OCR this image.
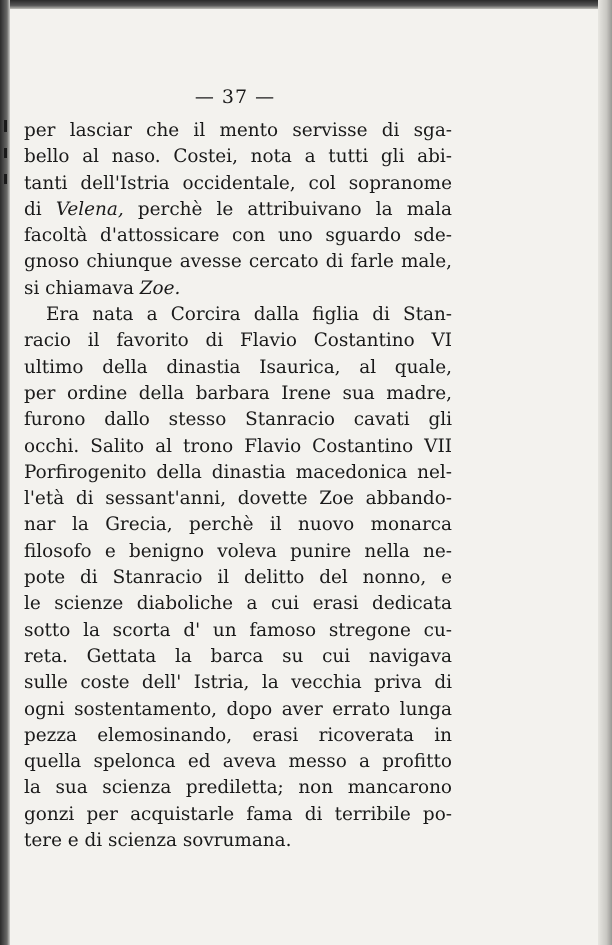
— 37 —
per lasciar che il mento servisse di sga-
bello al naso. Costei, nota a tutti gli abi-
tanti dell'Istria occidentale, col sopranome
di Velena, perchè le attribuivano la mala
facoltà d'attossicare con uno sguardo sde-
gnoso chiunque avesse cercato di farle male,
si chiamava Zoe.
Era nata a Corcira dalla figlia di Stan-
racio il favorito di Flavio Costantino VI
ultimo della dinastia Isaurica, al quale,
per ordine della barbara Irene sua madre,
furono dallo stesso Stanracio cavati gli
occhi. Salito al trono Flavio Costantino VII
Porfirogenito della dinastia macedonica nel-
l'età di sessant'anni, dovette Zoe abbando-
nar la Grecia, perchè il nuovo monarca
filosofo e benigno voleva punire nella ne-
pote di Stanracio il delitto del nonno, e
le scienze diaboliche a cui erasi dedicata
sotto la scorta d' un famoso stregone cu-
reta. Gettata la barca su cui navigava
sulle coste dell' Istria, la vecchia priva di
ogni sostentamento, dopo aver errato lunga
pezza elemosinando, erasi ricoverata in
quella spelonca ed aveva messo a profitto
la sua scienza prediletta; non mancarono
gonzi per acquistarle fama di terribile po-
tere e di scienza sovrumana.
